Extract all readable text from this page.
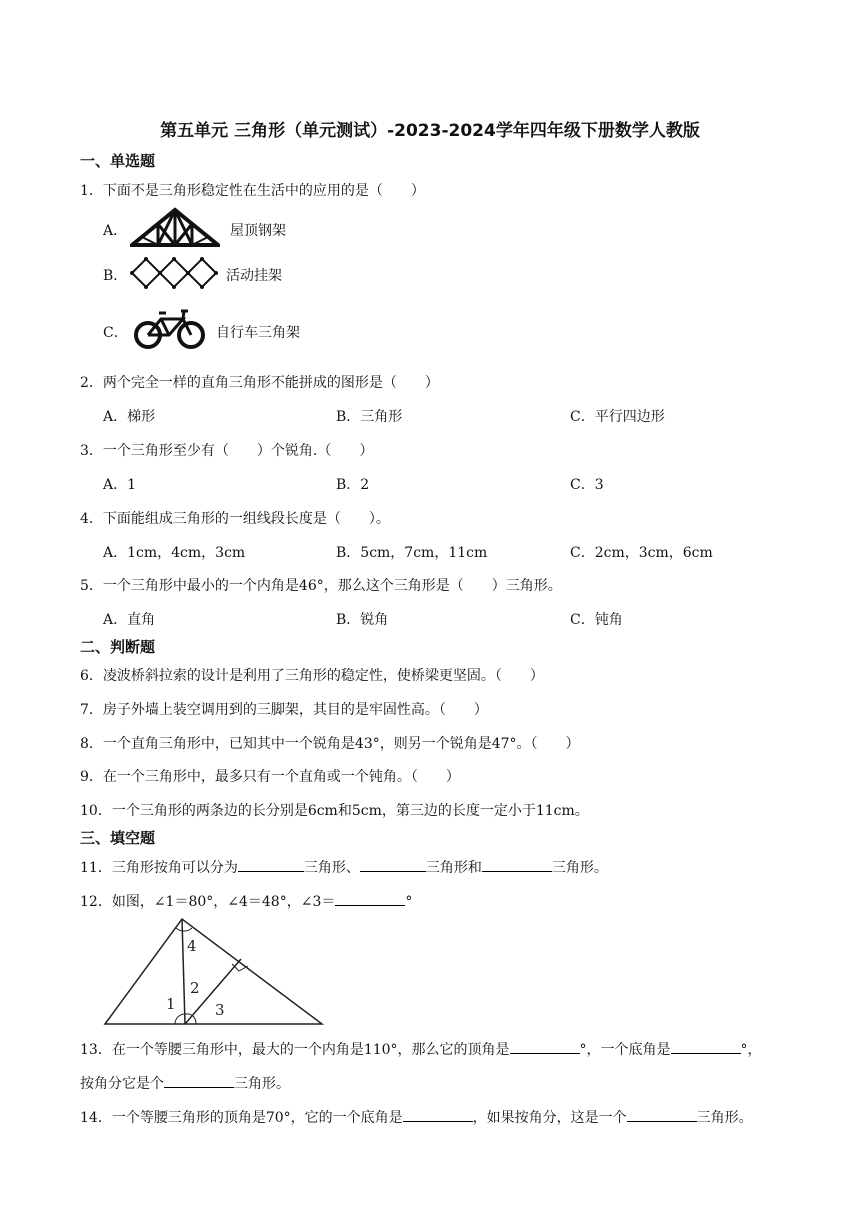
第五单元 三角形（单元测试）-2023-2024学年四年级下册数学人教版
一、单选题
1．下面不是三角形稳定性在生活中的应用的是（　　）
A．	屋顶钢架
B．	活动挂架
C．	自行车三角架
2．两个完全一样的直角三角形不能拼成的图形是（　　）
A．梯形	B．三角形	C．平行四边形
3．一个三角形至少有（　　）个锐角.（　　）
A．1	B．2	C．3
4．下面能组成三角形的一组线段长度是（　　）。
A．1cm，4cm，3cm	B．5cm，7cm，11cm	C．2cm，3cm，6cm
5．一个三角形中最小的一个内角是46°，那么这个三角形是（　　）三角形。
A．直角	B．锐角	C．钝角
二、判断题
6．凌波桥斜拉索的设计是利用了三角形的稳定性，使桥梁更坚固。（　　）
7．房子外墙上装空调用到的三脚架，其目的是牢固性高。（　　）
8．一个直角三角形中，已知其中一个锐角是43°，则另一个锐角是47°。（　　）
9．在一个三角形中，最多只有一个直角或一个钝角。（　　）
10．一个三角形的两条边的长分别是6cm和5cm，第三边的长度一定小于11cm。
三、填空题
11．三角形按角可以分为	三角形、	三角形和	三角形。
12．如图，∠1＝80°，∠4＝48°，∠3＝	°
4
2
1	3
13．在一个等腰三角形中，最大的一个内角是110°，那么它的顶角是	°，一个底角是	°，
按角分它是个	三角形。
14．一个等腰三角形的顶角是70°，它的一个底角是	，如果按角分，这是一个	三角形。
